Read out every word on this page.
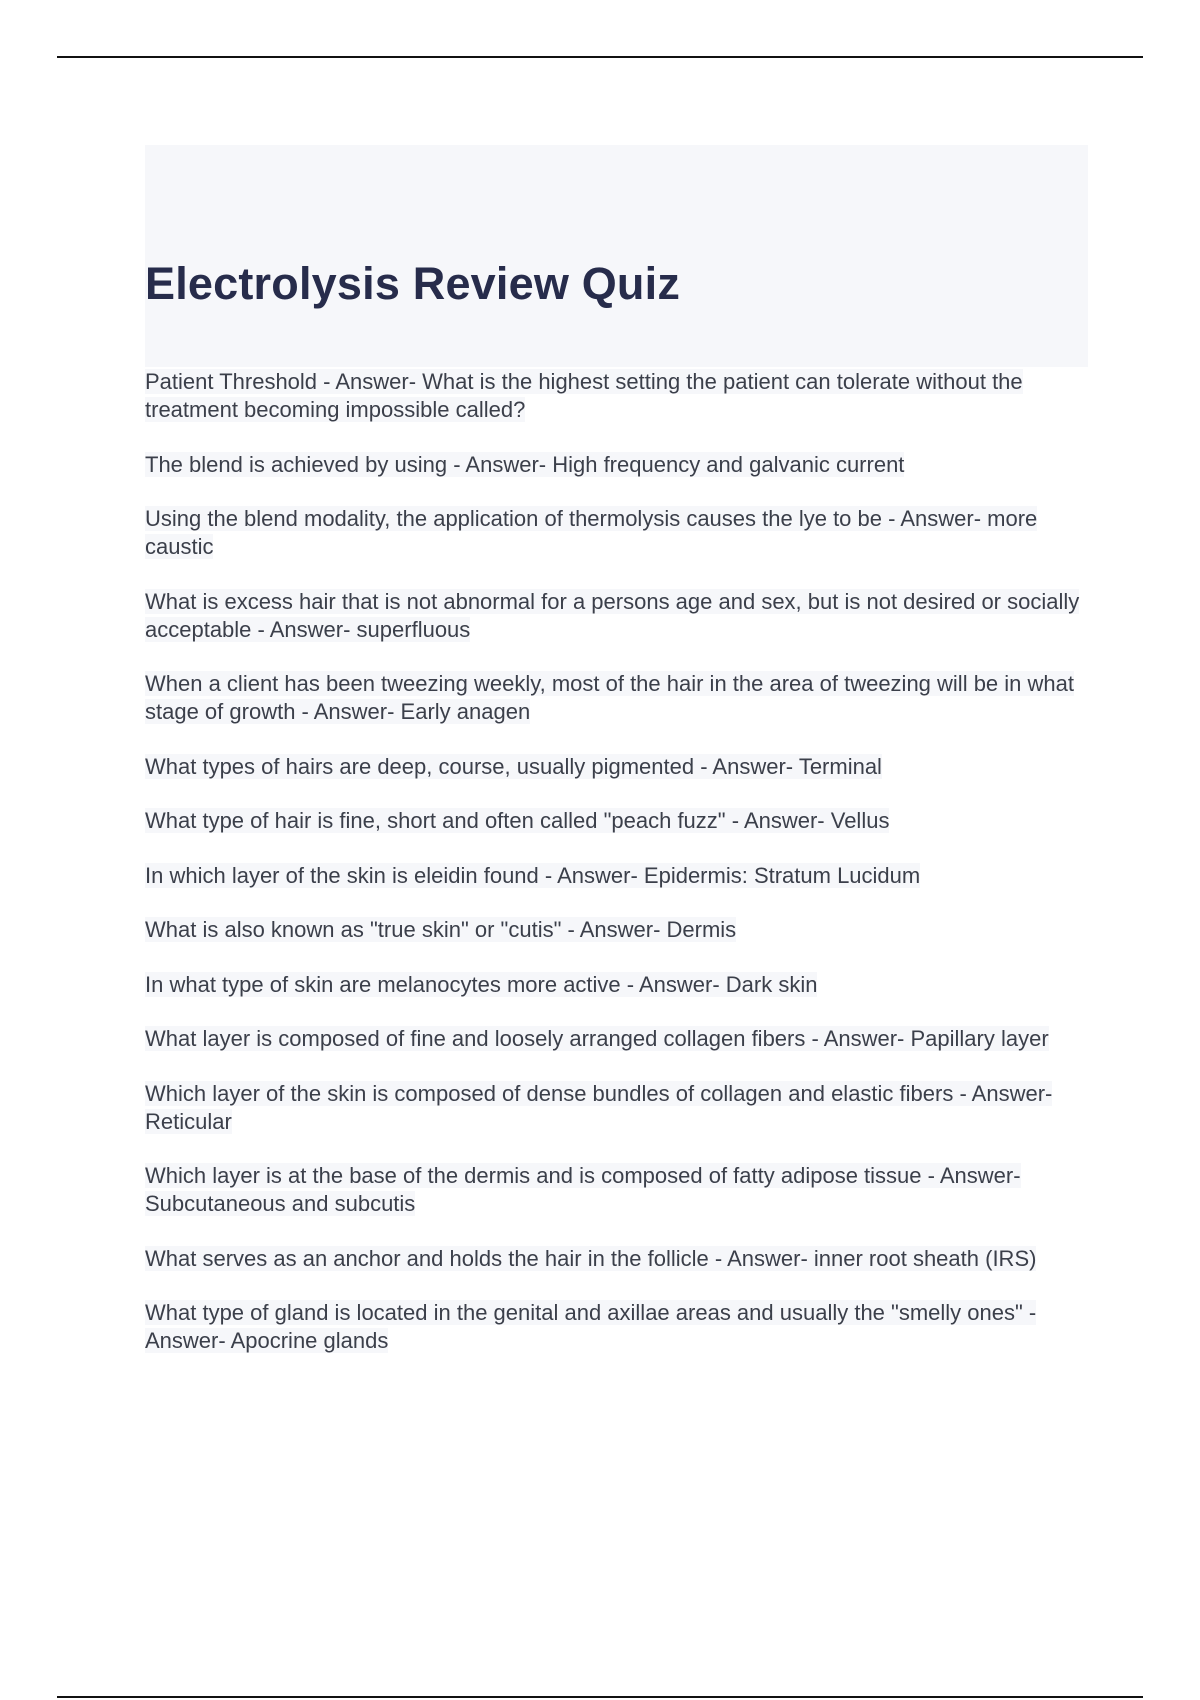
Electrolysis Review Quiz
Patient Threshold - Answer- What is the highest setting the patient can tolerate without the treatment becoming impossible called?
The blend is achieved by using - Answer- High frequency and galvanic current
Using the blend modality, the application of thermolysis causes the lye to be - Answer- more caustic
What is excess hair that is not abnormal for a persons age and sex, but is not desired or socially acceptable - Answer- superfluous
When a client has been tweezing weekly, most of the hair in the area of tweezing will be in what stage of growth - Answer- Early anagen
What types of hairs are deep, course, usually pigmented - Answer- Terminal
What type of hair is fine, short and often called "peach fuzz" - Answer- Vellus
In which layer of the skin is eleidin found - Answer- Epidermis: Stratum Lucidum
What is also known as "true skin" or "cutis" - Answer- Dermis
In what type of skin are melanocytes more active - Answer- Dark skin
What layer is composed of fine and loosely arranged collagen fibers - Answer- Papillary layer
Which layer of the skin is composed of dense bundles of collagen and elastic fibers - Answer- Reticular
Which layer is at the base of the dermis and is composed of fatty adipose tissue - Answer- Subcutaneous and subcutis
What serves as an anchor and holds the hair in the follicle - Answer- inner root sheath (IRS)
What type of gland is located in the genital and axillae areas and usually the "smelly ones" - Answer- Apocrine glands
